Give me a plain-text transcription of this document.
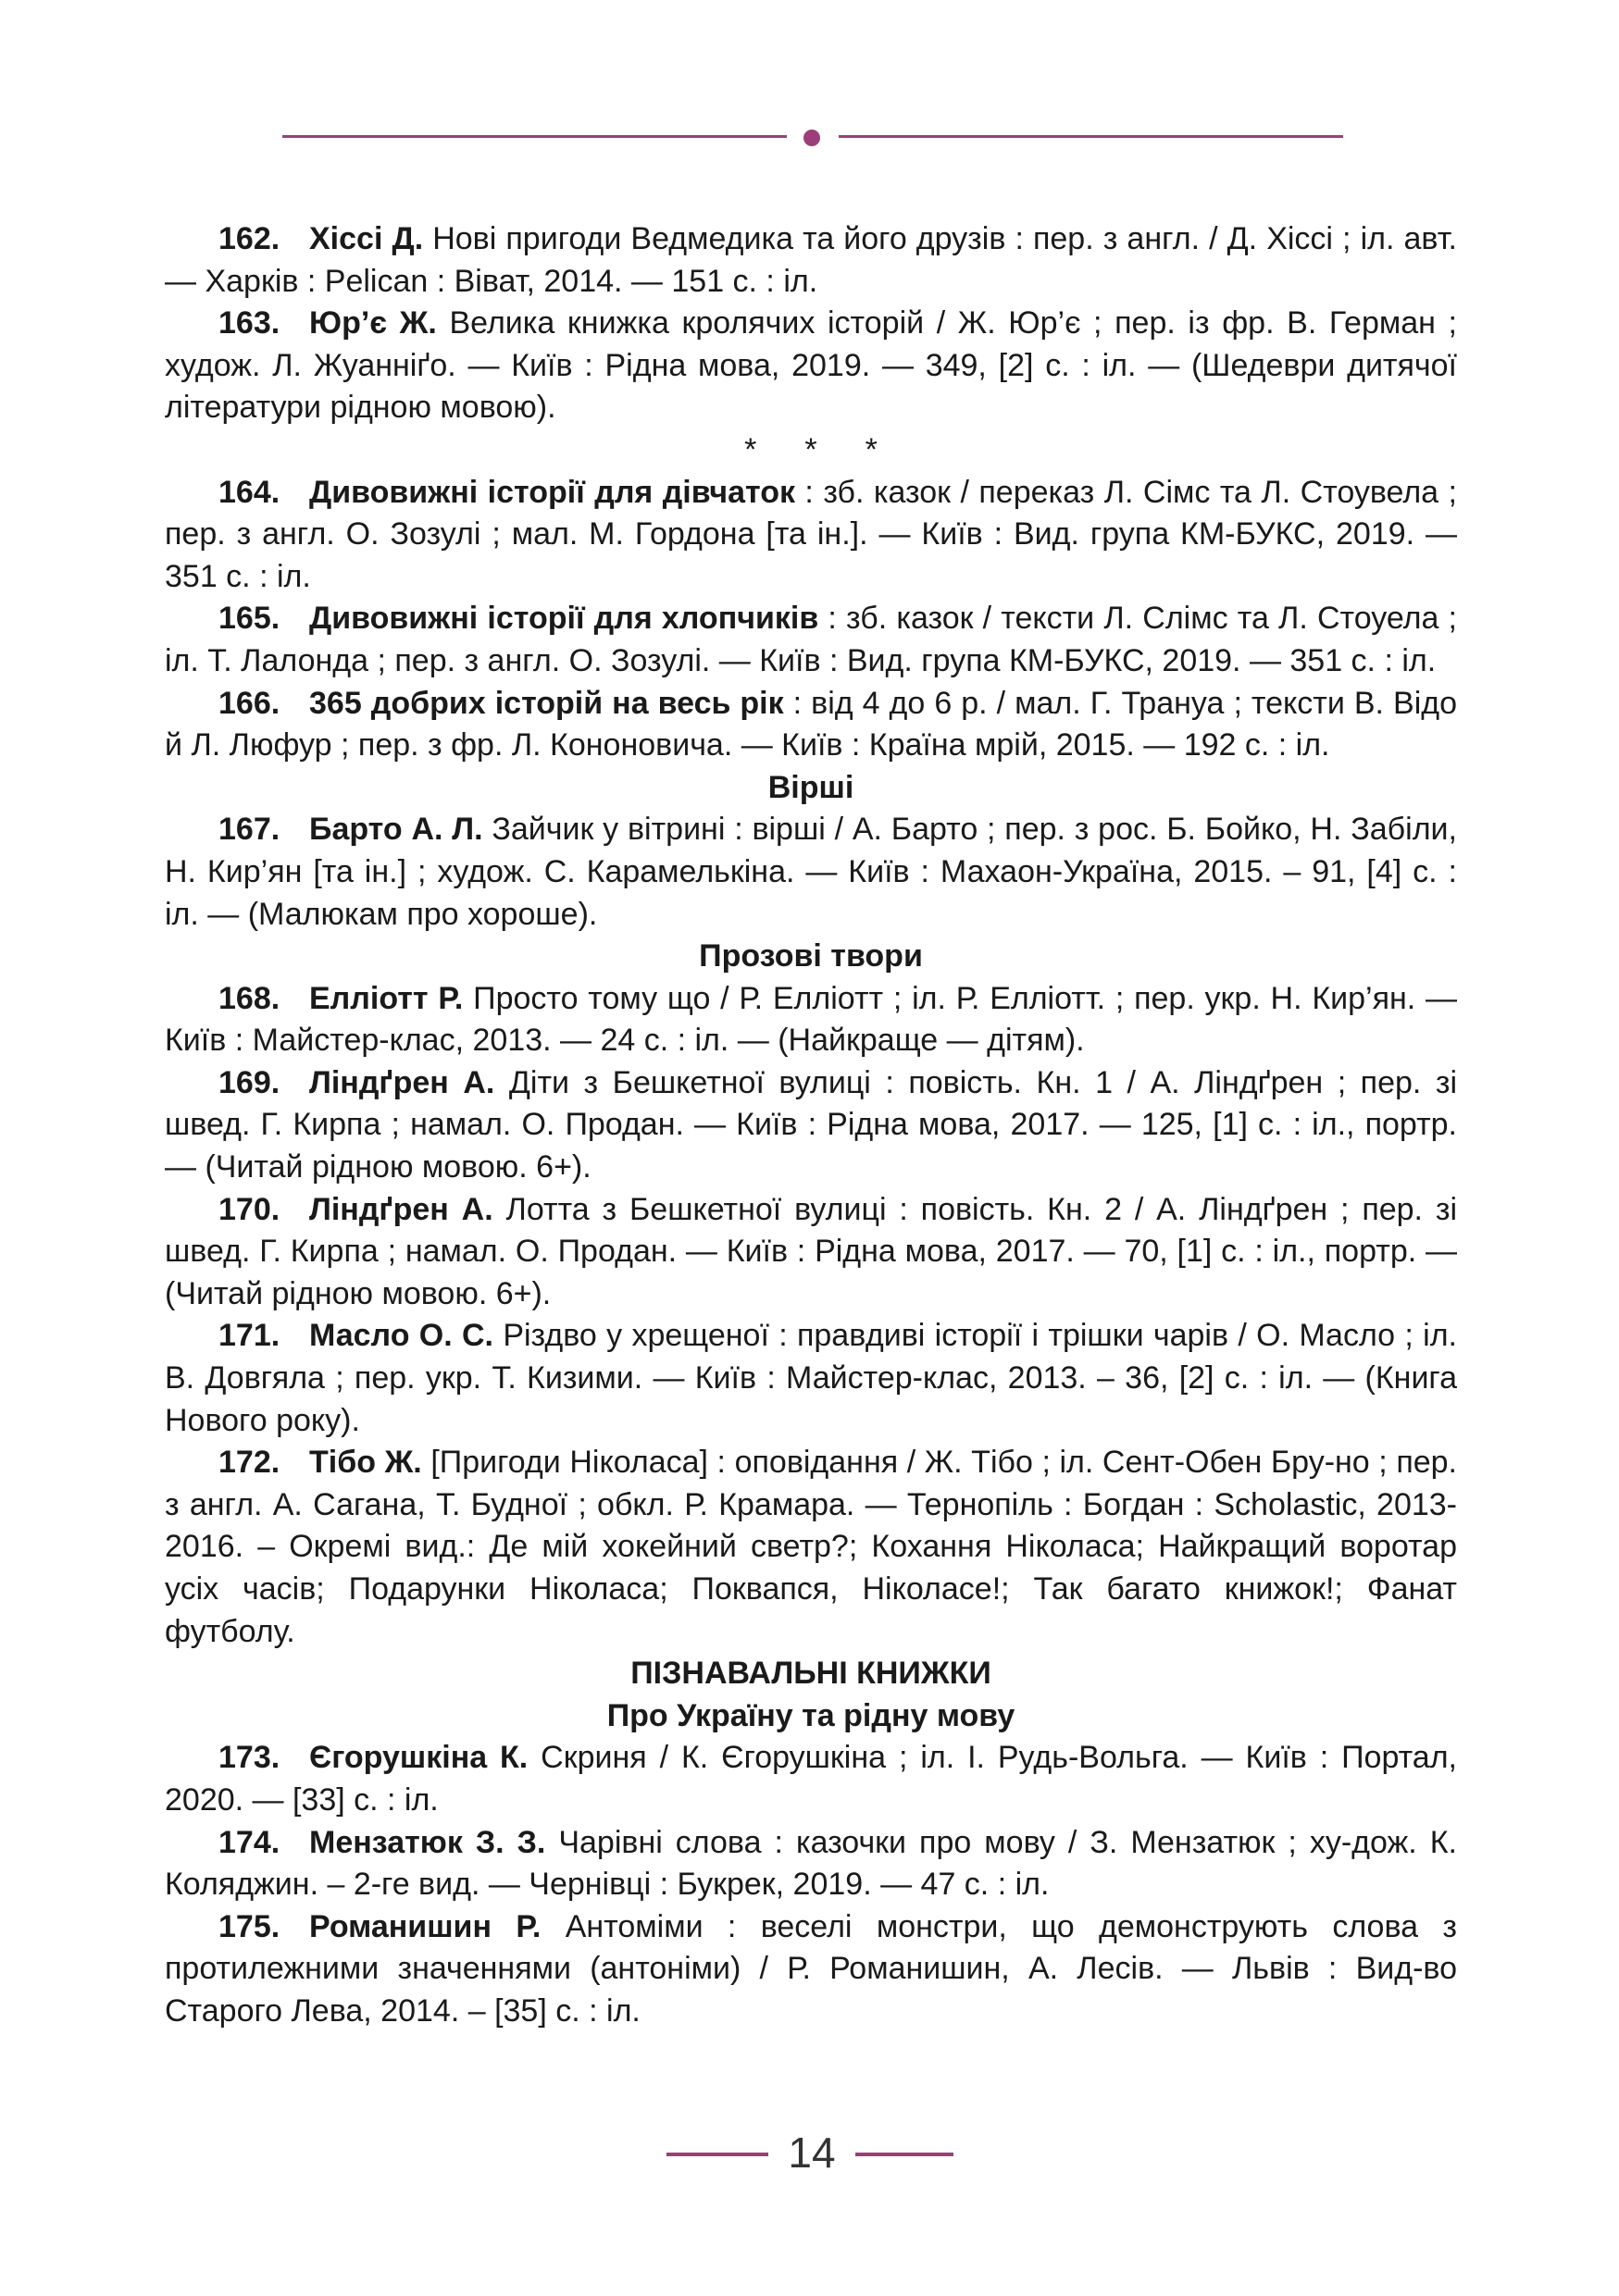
162. Хіссі Д. Нові пригоди Ведмедика та його друзів : пер. з англ. / Д. Хіссі ; іл. авт. — Харків : Pelican : Віват, 2014. — 151 с. : іл.

163. Юр’є Ж. Велика книжка кролячих історій / Ж. Юр’є ; пер. із фр. В. Герман ; худож. Л. Жуанніґо. — Київ : Рідна мова, 2019. — 349, [2] с. : іл. — (Шедеври дитячої літератури рідною мовою).

* * *

164. Дивовижні історії для дівчаток : зб. казок / переказ Л. Сімс та Л. Стоувела ; пер. з англ. О. Зозулі ; мал. М. Гордона [та ін.]. — Київ : Вид. група КМ-БУКС, 2019. — 351 с. : іл.

165. Дивовижні історії для хлопчиків : зб. казок / тексти Л. Слімс та Л. Стоуела ; іл. Т. Лалонда ; пер. з англ. О. Зозулі. — Київ : Вид. група КМ-БУКС, 2019. — 351 с. : іл.

166. 365 добрих історій на весь рік : від 4 до 6 р. / мал. Г. Трануа ; тексти В. Відо й Л. Люфур ; пер. з фр. Л. Кононовича. — Київ : Країна мрій, 2015. — 192 с. : іл.

Вірші

167. Барто А. Л. Зайчик у вітрині : вірші / А. Барто ; пер. з рос. Б. Бойко, Н. Забіли, Н. Кир’ян [та ін.] ; худож. С. Карамелькіна. — Київ : Махаон-Україна, 2015. – 91, [4] с. : іл. — (Малюкам про хороше).

Прозові твори

168. Елліотт Р. Просто тому що / Р. Елліотт ; іл. Р. Елліотт. ; пер. укр. Н. Кир’ян. — Київ : Майстер-клас, 2013. — 24 с. : іл. — (Найкраще — дітям).

169. Ліндґрен А. Діти з Бешкетної вулиці : повість. Кн. 1 / А. Ліндґрен ; пер. зі швед. Г. Кирпа ; намал. О. Продан. — Київ : Рідна мова, 2017. — 125, [1] с. : іл., портр. — (Читай рідною мовою. 6+).

170. Ліндґрен А. Лотта з Бешкетної вулиці : повість. Кн. 2 / А. Ліндґрен ; пер. зі швед. Г. Кирпа ; намал. О. Продан. — Київ : Рідна мова, 2017. — 70, [1] с. : іл., портр. — (Читай рідною мовою. 6+).

171. Масло О. С. Різдво у хрещеної : правдиві історії і трішки чарів / О. Масло ; іл. В. Довгяла ; пер. укр. Т. Кизими. — Київ : Майстер-клас, 2013. – 36, [2] с. : іл. — (Книга Нового року).

172. Тібо Ж. [Пригоди Ніколаса] : оповідання / Ж. Тібо ; іл. Сент-Обен Бру-но ; пер. з англ. А. Сагана, Т. Будної ; обкл. Р. Крамара. — Тернопіль : Богдан : Scholastic, 2013-2016. – Окремі вид.: Де мій хокейний светр?; Кохання Ніколаса; Найкращий воротар усіх часів; Подарунки Ніколаса; Поквапся, Ніколасе!; Так багато книжок!; Фанат футболу.

ПІЗНАВАЛЬНІ КНИЖКИ

Про Україну та рідну мову

173. Єгорушкіна К. Скриня / К. Єгорушкіна ; іл. І. Рудь-Вольга. — Київ : Портал, 2020. — [33] с. : іл.

174. Мензатюк З. З. Чарівні слова : казочки про мову / З. Мензатюк ; ху-дож. К. Коляджин. – 2-ге вид. — Чернівці : Букрек, 2019. — 47 с. : іл.

175. Романишин Р. Антоміми : веселі монстри, що демонструють слова з протилежними значеннями (антоніми) / Р. Романишин, А. Лесів. — Львів : Вид-во Старого Лева, 2014. – [35] с. : іл.

14
